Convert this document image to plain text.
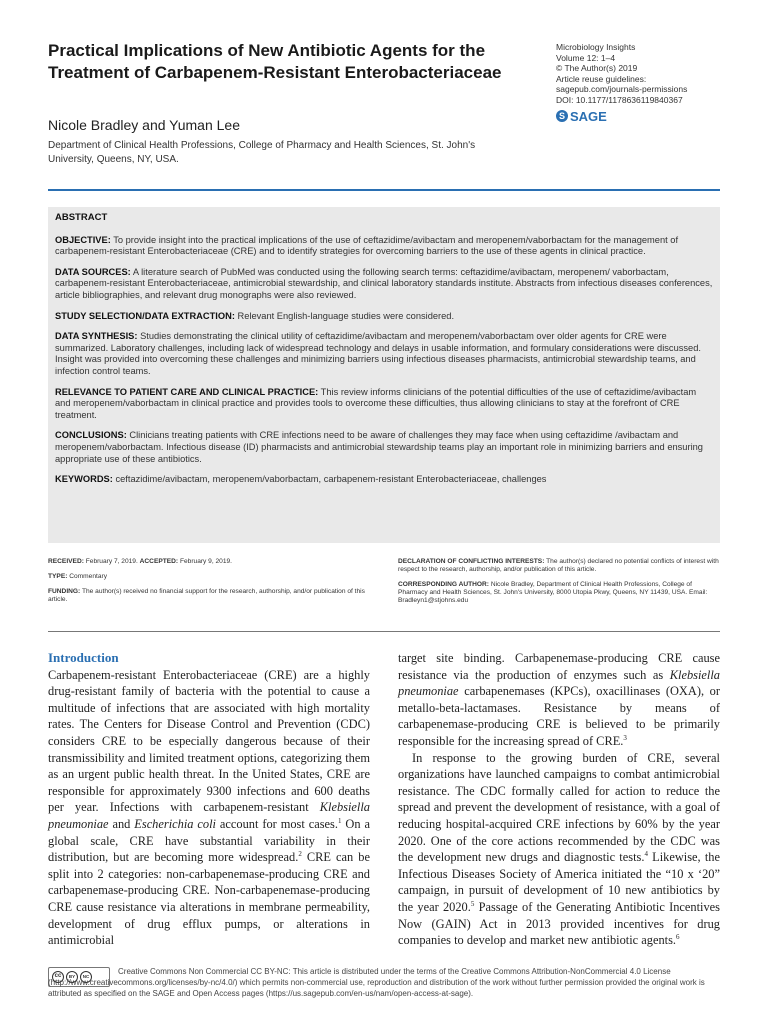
Practical Implications of New Antibiotic Agents for the Treatment of Carbapenem-Resistant Enterobacteriaceae
Nicole Bradley and Yuman Lee
Department of Clinical Health Professions, College of Pharmacy and Health Sciences, St. John's University, Queens, NY, USA.
Microbiology Insights
Volume 12: 1–4
© The Author(s) 2019
Article reuse guidelines:
sagepub.com/journals-permissions
DOI: 10.1177/1178636119840367
S SAGE
ABSTRACT

OBJECTIVE: To provide insight into the practical implications of the use of ceftazidime/avibactam and meropenem/vaborbactam for the management of carbapenem-resistant Enterobacteriaceae (CRE) and to identify strategies for overcoming barriers to the use of these agents in clinical practice.

DATA SOURCES: A literature search of PubMed was conducted using the following search terms: ceftazidime/avibactam, meropenem/ vaborbactam, carbapenem-resistant Enterobacteriaceae, antimicrobial stewardship, and clinical laboratory standards institute. Abstracts from infectious diseases conferences, article bibliographies, and relevant drug monographs were also reviewed.

STUDY SELECTION/DATA EXTRACTION: Relevant English-language studies were considered.

DATA SYNTHESIS: Studies demonstrating the clinical utility of ceftazidime/avibactam and meropenem/vaborbactam over older agents for CRE were summarized. Laboratory challenges, including lack of widespread technology and delays in usable information, and formulary considerations were discussed. Insight was provided into overcoming these challenges and minimizing barriers using infectious diseases pharmacists, antimicrobial stewardship teams, and infection control teams.

RELEVANCE TO PATIENT CARE AND CLINICAL PRACTICE: This review informs clinicians of the potential difficulties of the use of ceftazidime/avibactam and meropenem/vaborbactam in clinical practice and provides tools to overcome these difficulties, thus allowing clinicians to stay at the forefront of CRE treatment.

CONCLUSIONS: Clinicians treating patients with CRE infections need to be aware of challenges they may face when using ceftazidime /avibactam and meropenem/vaborbactam. Infectious disease (ID) pharmacists and antimicrobial stewardship teams play an important role in minimizing barriers and ensuring appropriate use of these antibiotics.

KEYWORDS: ceftazidime/avibactam, meropenem/vaborbactam, carbapenem-resistant Enterobacteriaceae, challenges

RECEIVED: February 7, 2019. ACCEPTED: February 9, 2019.

TYPE: Commentary

FUNDING: The author(s) received no financial support for the research, authorship, and/or publication of this article.

DECLARATION OF CONFLICTING INTERESTS: The author(s) declared no potential conflicts of interest with respect to the research, authorship, and/or publication of this article.

CORRESPONDING AUTHOR: Nicole Bradley, Department of Clinical Health Professions, College of Pharmacy and Health Sciences, St. John's University, 8000 Utopia Pkwy, Queens, NY 11439, USA. Email: Bradleyn1@stjohns.edu

Introduction

Carbapenem-resistant Enterobacteriaceae (CRE) are a highly drug-resistant family of bacteria with the potential to cause a multitude of infections that are associated with high mortality rates. The Centers for Disease Control and Prevention (CDC) considers CRE to be especially dangerous because of their transmissibility and limited treatment options, categorizing them as an urgent public health threat. In the United States, CRE are responsible for approximately 9300 infections and 600 deaths per year. Infections with carbapenem-resistant Klebsiella pneumoniae and Escherichia coli account for most cases.$^1$ On a global scale, CRE have substantial variability in their distribution, but are becoming more widespread.$^2$ CRE can be split into 2 categories: non-carbapenemase-producing CRE and carbapenemase-producing CRE. Non-carbapenemase-producing CRE cause resistance via alterations in membrane permeability, development of drug efflux pumps, or alterations in antimicrobial

target site binding. Carbapenemase-producing CRE cause resistance via the production of enzymes such as Klebsiella pneumoniae carbapenemases (KPCs), oxacillinases (OXA), or metallo-beta-lactamases. Resistance by means of carbapenemase-producing CRE is believed to be primarily responsible for the increasing spread of CRE.$^3$

In response to the growing burden of CRE, several organizations have launched campaigns to combat antimicrobial resistance. The CDC formally called for action to reduce the spread and prevent the development of resistance, with a goal of reducing hospital-acquired CRE infections by 60% by the year 2020. One of the core actions recommended by the CDC was the development new drugs and diagnostic tests.$^4$ Likewise, the Infectious Diseases Society of America initiated the “10 x ‘20” campaign, in pursuit of development of 10 new antibiotics by the year 2020.$^5$ Passage of the Generating Antibiotic Incentives Now (GAIN) Act in 2013 provided incentives for drug companies to develop and market new antibiotic agents.$^6$

cc	BY	NC
Creative Commons Non Commercial CC BY-NC: This article is distributed under the terms of the Creative Commons Attribution-NonCommercial 4.0 License (http://www.creativecommons.org/licenses/by-nc/4.0/) which permits non-commercial use, reproduction and distribution of the work without further permission provided the original work is attributed as specified on the SAGE and Open Access pages (https://us.sagepub.com/en-us/nam/open-access-at-sage).
